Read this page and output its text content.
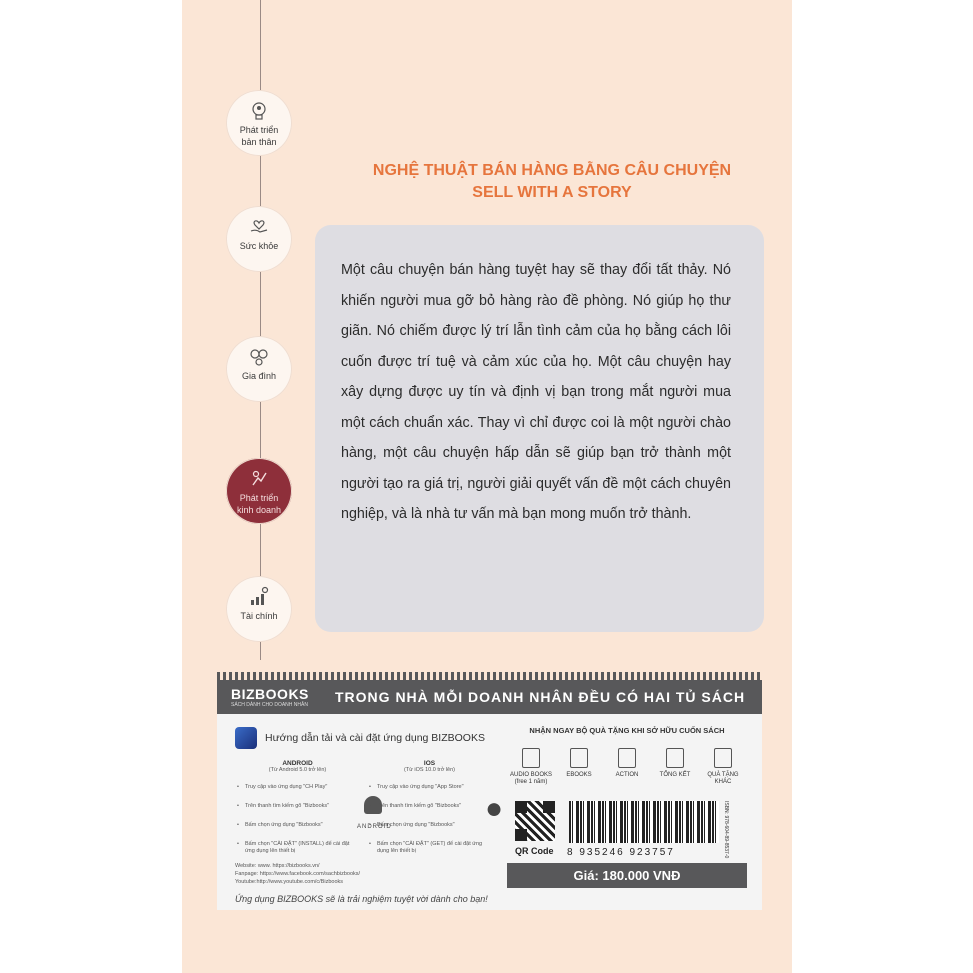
Phát triển
bản thân
Sức khỏe
Gia đình
Phát triển
kinh doanh
Tài chính
NGHỆ THUẬT BÁN HÀNG BẰNG CÂU CHUYỆN
SELL WITH A STORY

Một câu chuyện bán hàng tuyệt hay sẽ thay đổi tất thảy. Nó khiến người mua gỡ bỏ hàng rào đề phòng. Nó giúp họ thư giãn. Nó chiếm được lý trí lẫn tình cảm của họ bằng cách lôi cuốn được trí tuệ và cảm xúc của họ. Một câu chuyện hay xây dựng được uy tín và định vị bạn trong mắt người mua một cách chuẩn xác. Thay vì chỉ được coi là một người chào hàng, một câu chuyện hấp dẫn sẽ giúp bạn trở thành một người tạo ra giá trị, người giải quyết vấn đề một cách chuyên nghiệp, và là nhà tư vấn mà bạn mong muốn trở thành.

BIZBOOKS
SÁCH DÀNH CHO DOANH NHÂN TRONG NHÀ MỖI DOANH NHÂN ĐỀU CÓ HAI TỦ SÁCH
Hướng dẫn tải và cài đặt ứng dụng BIZBOOKS
ANDROID
(Từ Android 5.0 trở lên)
• Truy cập vào ứng dụng "CH Play"
• Trên thanh tìm kiếm gõ "Bizbooks"
• Bấm chọn ứng dụng "Bizbooks"
• Bấm chọn "CÀI ĐẶT" (INSTALL) để cài đặt ứng dụng lên thiết bị
ANDROID
IOS
(Từ iOS 10.0 trở lên)
• Truy cập vào ứng dụng "App Store"
• Trên thanh tìm kiếm gõ "Bizbooks"
• Bấm chọn ứng dụng "Bizbooks"
• Bấm chọn "CÀI ĐẶT" (GET) để cài đặt ứng dụng lên thiết bị
●
Website: www. https://bizbooks.vn/
Fanpage: https://www.facebook.com/sachbizbooks/
Youtube:http://www.youtube.com/c/Bizbooks
Ứng dụng BIZBOOKS sẽ là trải nghiệm tuyệt vời dành cho bạn!
NHẬN NGAY BỘ QUÀ TẶNG KHI SỞ HỮU CUỐN SÁCH
AUDIO BOOKS
(free 1 năm)
EBOOKS	ACTION	TỔNG KẾT	QUÀ TẶNG
KHÁC
QR Code 8 935246 923757	ISBN: 978-604-89-8537-0
Giá: 180.000 VNĐ
